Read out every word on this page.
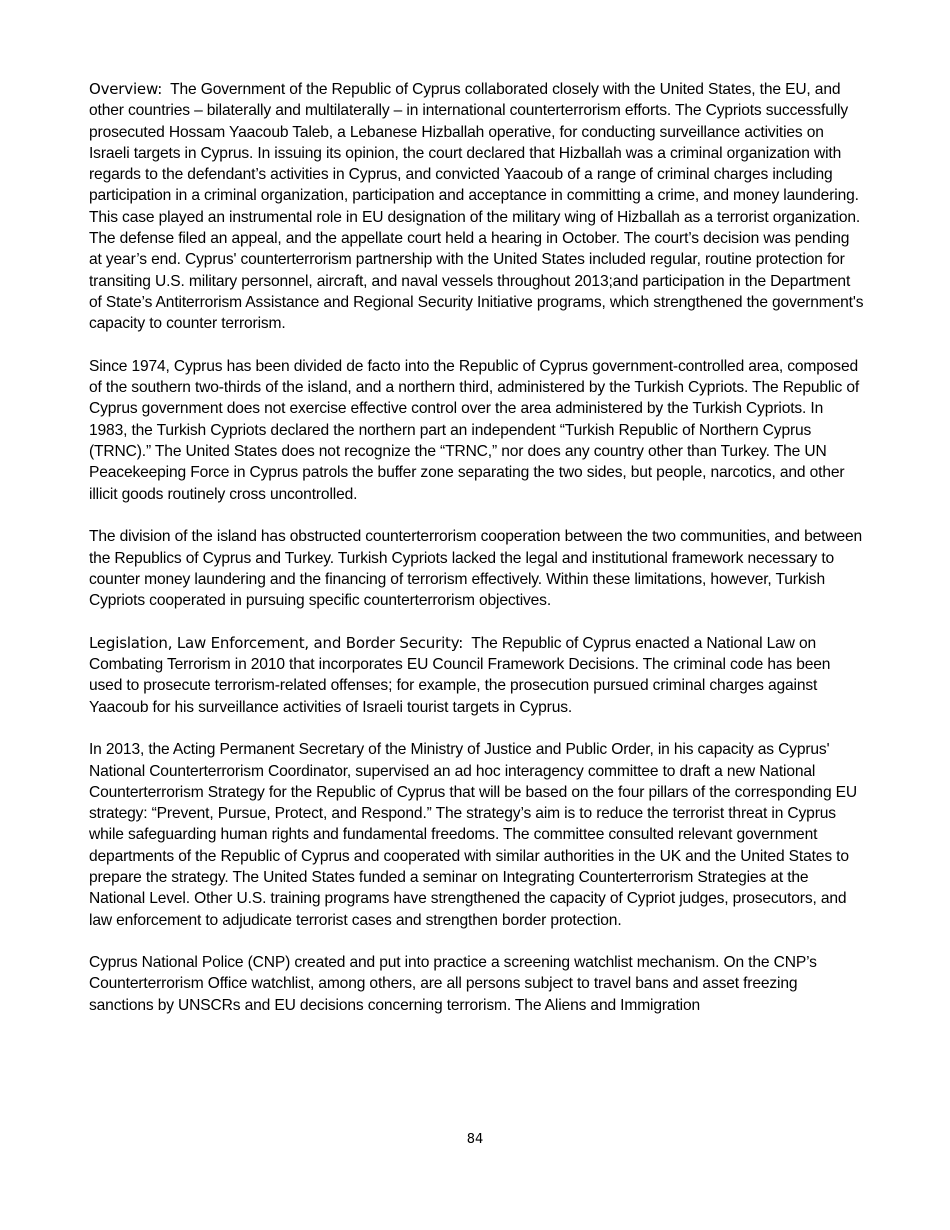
Overview: The Government of the Republic of Cyprus collaborated closely with the United States, the EU, and other countries – bilaterally and multilaterally – in international counterterrorism efforts. The Cypriots successfully prosecuted Hossam Yaacoub Taleb, a Lebanese Hizballah operative, for conducting surveillance activities on Israeli targets in Cyprus. In issuing its opinion, the court declared that Hizballah was a criminal organization with regards to the defendant’s activities in Cyprus, and convicted Yaacoub of a range of criminal charges including participation in a criminal organization, participation and acceptance in committing a crime, and money laundering. This case played an instrumental role in EU designation of the military wing of Hizballah as a terrorist organization. The defense filed an appeal, and the appellate court held a hearing in October. The court’s decision was pending at year’s end. Cyprus' counterterrorism partnership with the United States included regular, routine protection for transiting U.S. military personnel, aircraft, and naval vessels throughout 2013;and participation in the Department of State’s Antiterrorism Assistance and Regional Security Initiative programs, which strengthened the government's capacity to counter terrorism.

Since 1974, Cyprus has been divided de facto into the Republic of Cyprus government-controlled area, composed of the southern two-thirds of the island, and a northern third, administered by the Turkish Cypriots. The Republic of Cyprus government does not exercise effective control over the area administered by the Turkish Cypriots. In 1983, the Turkish Cypriots declared the northern part an independent “Turkish Republic of Northern Cyprus (TRNC).” The United States does not recognize the “TRNC,” nor does any country other than Turkey. The UN Peacekeeping Force in Cyprus patrols the buffer zone separating the two sides, but people, narcotics, and other illicit goods routinely cross uncontrolled.

The division of the island has obstructed counterterrorism cooperation between the two communities, and between the Republics of Cyprus and Turkey. Turkish Cypriots lacked the legal and institutional framework necessary to counter money laundering and the financing of terrorism effectively. Within these limitations, however, Turkish Cypriots cooperated in pursuing specific counterterrorism objectives.

Legislation, Law Enforcement, and Border Security: The Republic of Cyprus enacted a National Law on Combating Terrorism in 2010 that incorporates EU Council Framework Decisions. The criminal code has been used to prosecute terrorism-related offenses; for example, the prosecution pursued criminal charges against Yaacoub for his surveillance activities of Israeli tourist targets in Cyprus.

In 2013, the Acting Permanent Secretary of the Ministry of Justice and Public Order, in his capacity as Cyprus' National Counterterrorism Coordinator, supervised an ad hoc interagency committee to draft a new National Counterterrorism Strategy for the Republic of Cyprus that will be based on the four pillars of the corresponding EU strategy: “Prevent, Pursue, Protect, and Respond.” The strategy’s aim is to reduce the terrorist threat in Cyprus while safeguarding human rights and fundamental freedoms. The committee consulted relevant government departments of the Republic of Cyprus and cooperated with similar authorities in the UK and the United States to prepare the strategy. The United States funded a seminar on Integrating Counterterrorism Strategies at the National Level. Other U.S. training programs have strengthened the capacity of Cypriot judges, prosecutors, and law enforcement to adjudicate terrorist cases and strengthen border protection.

Cyprus National Police (CNP) created and put into practice a screening watchlist mechanism. On the CNP’s Counterterrorism Office watchlist, among others, are all persons subject to travel bans and asset freezing sanctions by UNSCRs and EU decisions concerning terrorism. The Aliens and Immigration

84
